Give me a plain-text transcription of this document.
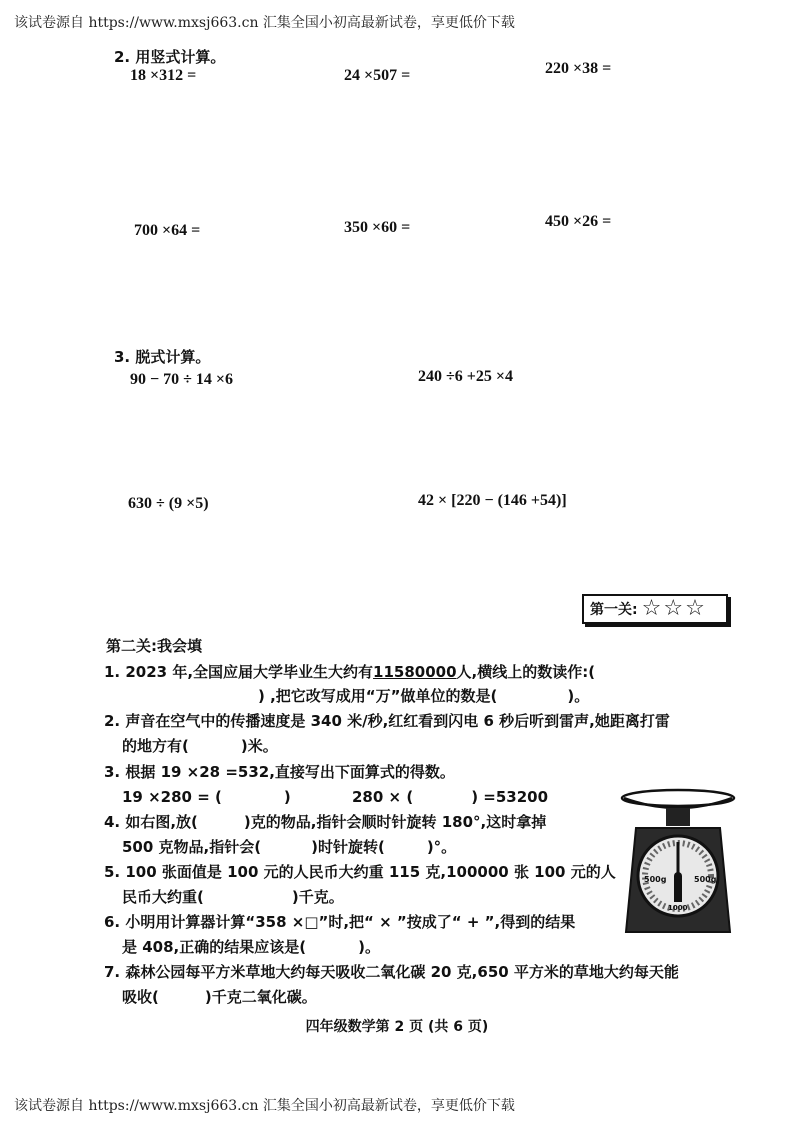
该试卷源自 https://www.mxsj663.cn 汇集全国小初高最新试卷，享更低价下载
2. 用竖式计算。
18 ×312 =	24 ×507 =	220 ×38 =
700 ×64 =	350 ×60 =	450 ×26 =
3. 脱式计算。
90 − 70 ÷ 14 ×6	240 ÷6 +25 ×4
630 ÷ (9 ×5)	42 × [220 − (146 +54)]
第一关: ☆ ☆ ☆
第二关:我会填
1. 2023 年,全国应届大学毕业生大约有11580000人,横线上的数读作:(
) ,把它改写成用“万”做单位的数是(	)。
2. 声音在空气中的传播速度是 340 米/秒,红红看到闪电 6 秒后听到雷声,她距离打雷
的地方有(	)米。
3. 根据 19 ×28 =532,直接写出下面算式的得数。
19 ×280 = (	)	280 × (	) =53200
4. 如右图,放(	)克的物品,指针会顺时针旋转 180°,这时拿掉
500 克物品,指针会(	)时针旋转(	)°。
5. 100 张面值是 100 元的人民币大约重 115 克,100000 张 100 元的人
民币大约重(	)千克。
6. 小明用计算器计算“358 ×□”时,把“ × ”按成了“ + ”,得到的结果
是 408,正确的结果应该是(	)。
7. 森林公园每平方米草地大约每天吸收二氧化碳 20 克,650 平方米的草地大约每天能
吸收(	)千克二氧化碳。
500g	500g
1000
四年级数学第 2 页 (共 6 页)
该试卷源自 https://www.mxsj663.cn 汇集全国小初高最新试卷，享更低价下载
